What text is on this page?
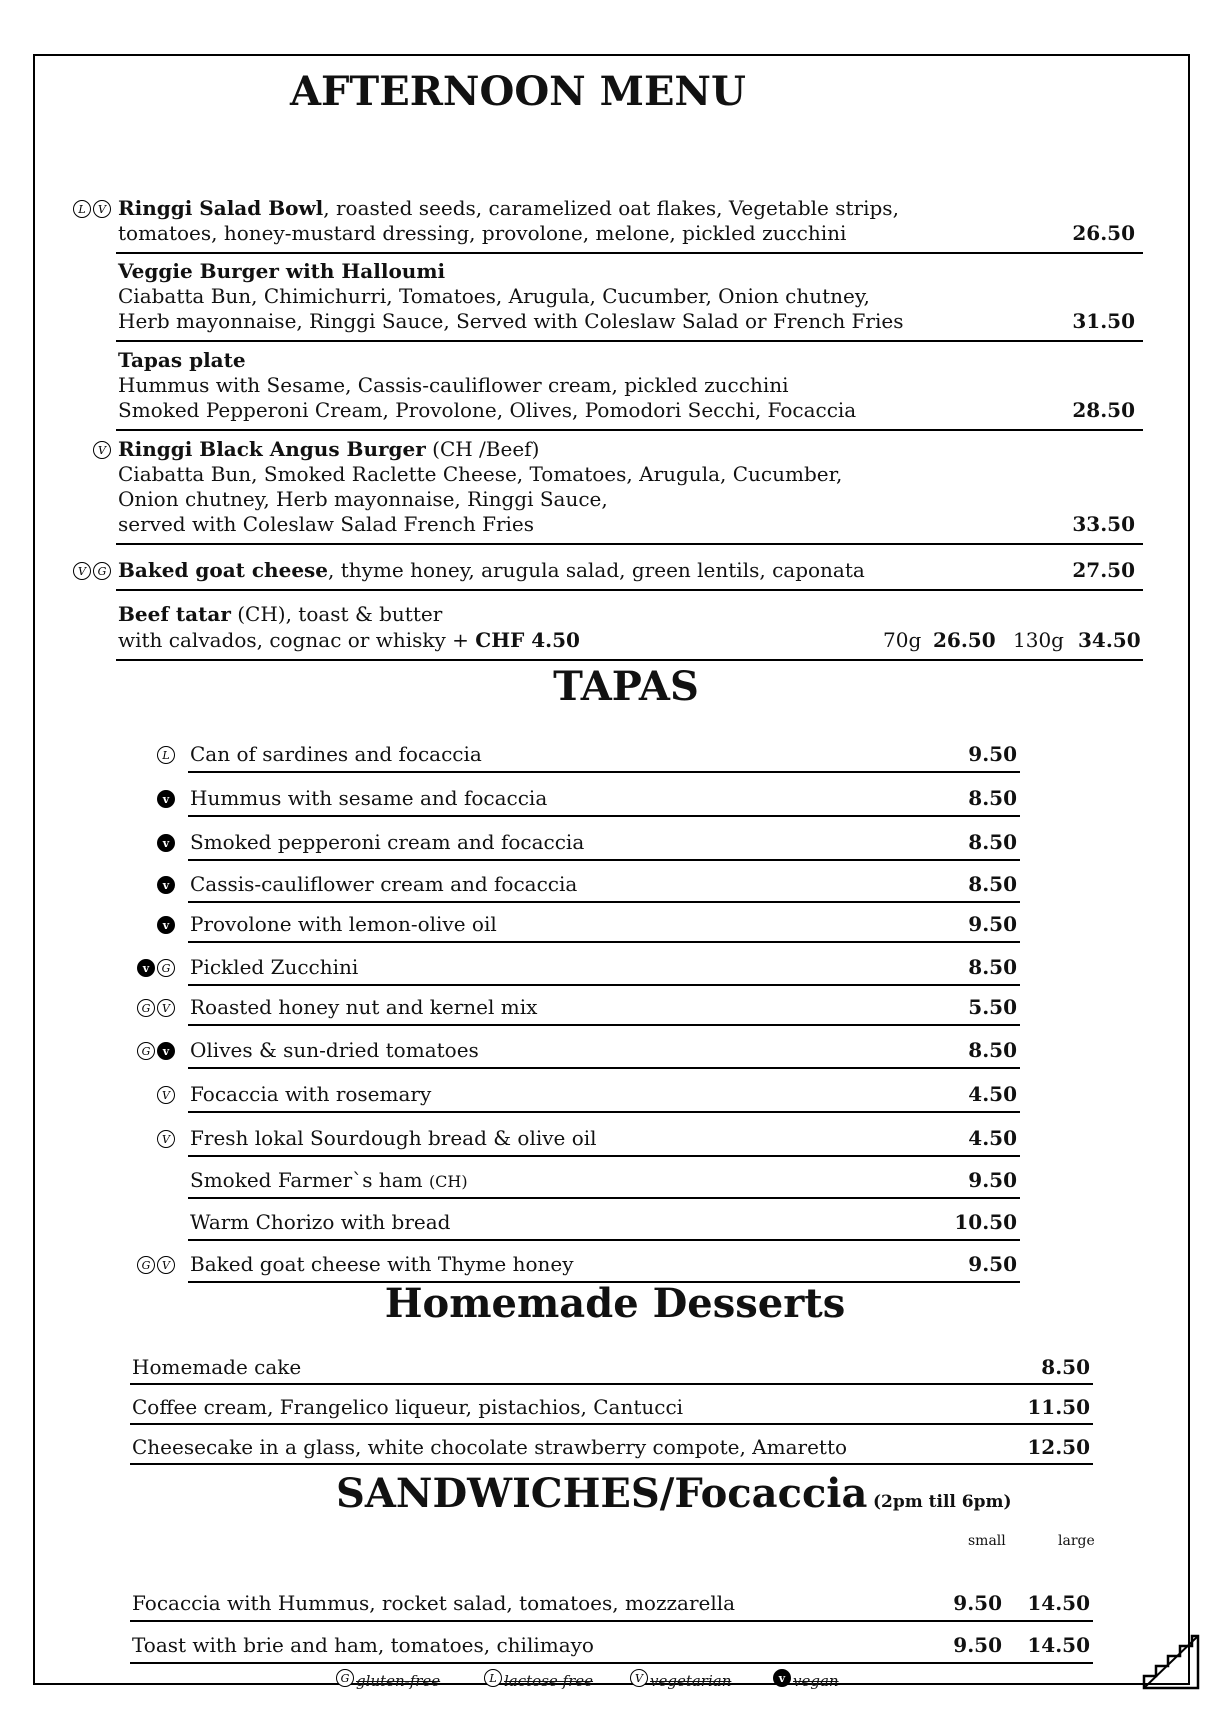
AFTERNOON MENU
L	V Ringgi Salad Bowl, roasted seeds, caramelized oat flakes, Vegetable strips,
tomatoes, honey-mustard dressing, provolone, melone, pickled zucchini	26.50
Veggie Burger with Halloumi
Ciabatta Bun, Chimichurri, Tomatoes, Arugula, Cucumber, Onion chutney,
Herb mayonnaise, Ringgi Sauce, Served with Coleslaw Salad or French Fries	31.50
Tapas plate
Hummus with Sesame, Cassis-cauliflower cream, pickled zucchini
Smoked Pepperoni Cream, Provolone, Olives, Pomodori Secchi, Focaccia	28.50
V Ringgi Black Angus Burger (CH /Beef)
Ciabatta Bun, Smoked Raclette Cheese, Tomatoes, Arugula, Cucumber,
Onion chutney, Herb mayonnaise, Ringgi Sauce,
served with Coleslaw Salad French Fries	33.50
V	G Baked goat cheese, thyme honey, arugula salad, green lentils, caponata	27.50
Beef tatar (CH), toast & butter
with calvados, cognac or whisky + CHF 4.50	70g 26.50 130g 34.50
TAPAS
L Can of sardines and focaccia	9.50
v Hummus with sesame and focaccia	8.50
v Smoked pepperoni cream and focaccia	8.50
v Cassis-cauliflower cream and focaccia	8.50
v Provolone with lemon-olive oil	9.50
v	G Pickled Zucchini	8.50
G	V Roasted honey nut and kernel mix	5.50
G	v Olives & sun-dried tomatoes	8.50
V Focaccia with rosemary	4.50
V Fresh lokal Sourdough bread & olive oil	4.50
Smoked Farmer`s ham (CH)	9.50
Warm Chorizo with bread	10.50
G	V Baked goat cheese with Thyme honey	9.50
Homemade Desserts
Homemade cake	8.50
Coffee cream, Frangelico liqueur, pistachios, Cantucci	11.50
Cheesecake in a glass, white chocolate strawberry compote, Amaretto	12.50
SANDWICHES/Focaccia (2pm till 6pm)
small	large
Focaccia with Hummus, rocket salad, tomatoes, mozzarella	9.50 14.50
Toast with brie and ham, tomatoes, chilimayo	9.50 14.50
G gluten-free	L lactose free	V vegetarian	v vegan
